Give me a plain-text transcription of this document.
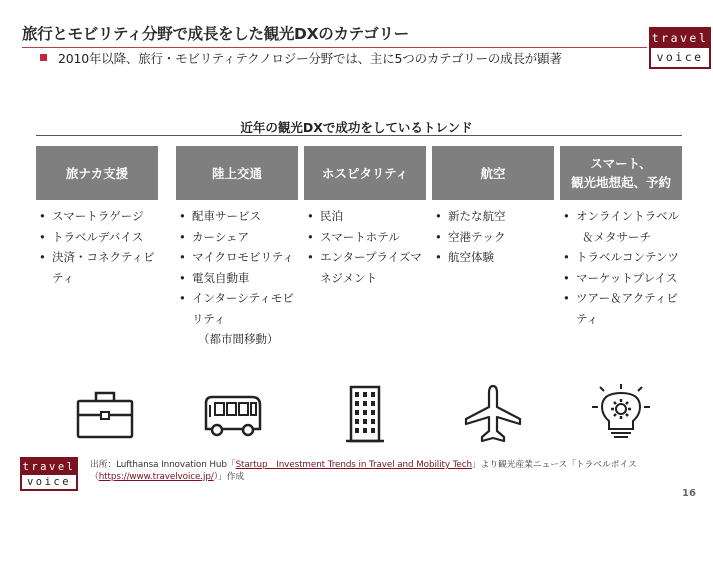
旅行とモビリティ分野で成長をした観光DXのカテゴリー	travel
voice
2010年以降、旅行・モビリティテクノロジー分野では、主に5つのカテゴリーの成長が顕著
近年の観光DXで成功をしているトレンド
旅ナカ支援	陸上交通	ホスピタリティ	航空
スマート、
観光地想起、予約
• スマートラゲージ
• トラベルデバイス
• 決済・コネクティビ
ティ
• 配車サービス
• カーシェア
• マイクロモビリティ
• 電気自動車
• インターシティモビ
リティ
（都市間移動）
• 民泊
• スマートホテル
• エンタープライズマ
ネジメント
• 新たな航空
• 空港テック
• 航空体験
• オンライントラベル
＆メタサーチ
• トラベルコンテンツ
• マーケットプレイス
• ツアー＆アクティビ
ティ
travel
voice
出所：Lufthansa Innovation Hub「Startup　Investment Trends in Travel and Mobility Tech」より観光産業ニュース「トラベルボイス
（https://www.travelvoice.jp/）」作成
16
